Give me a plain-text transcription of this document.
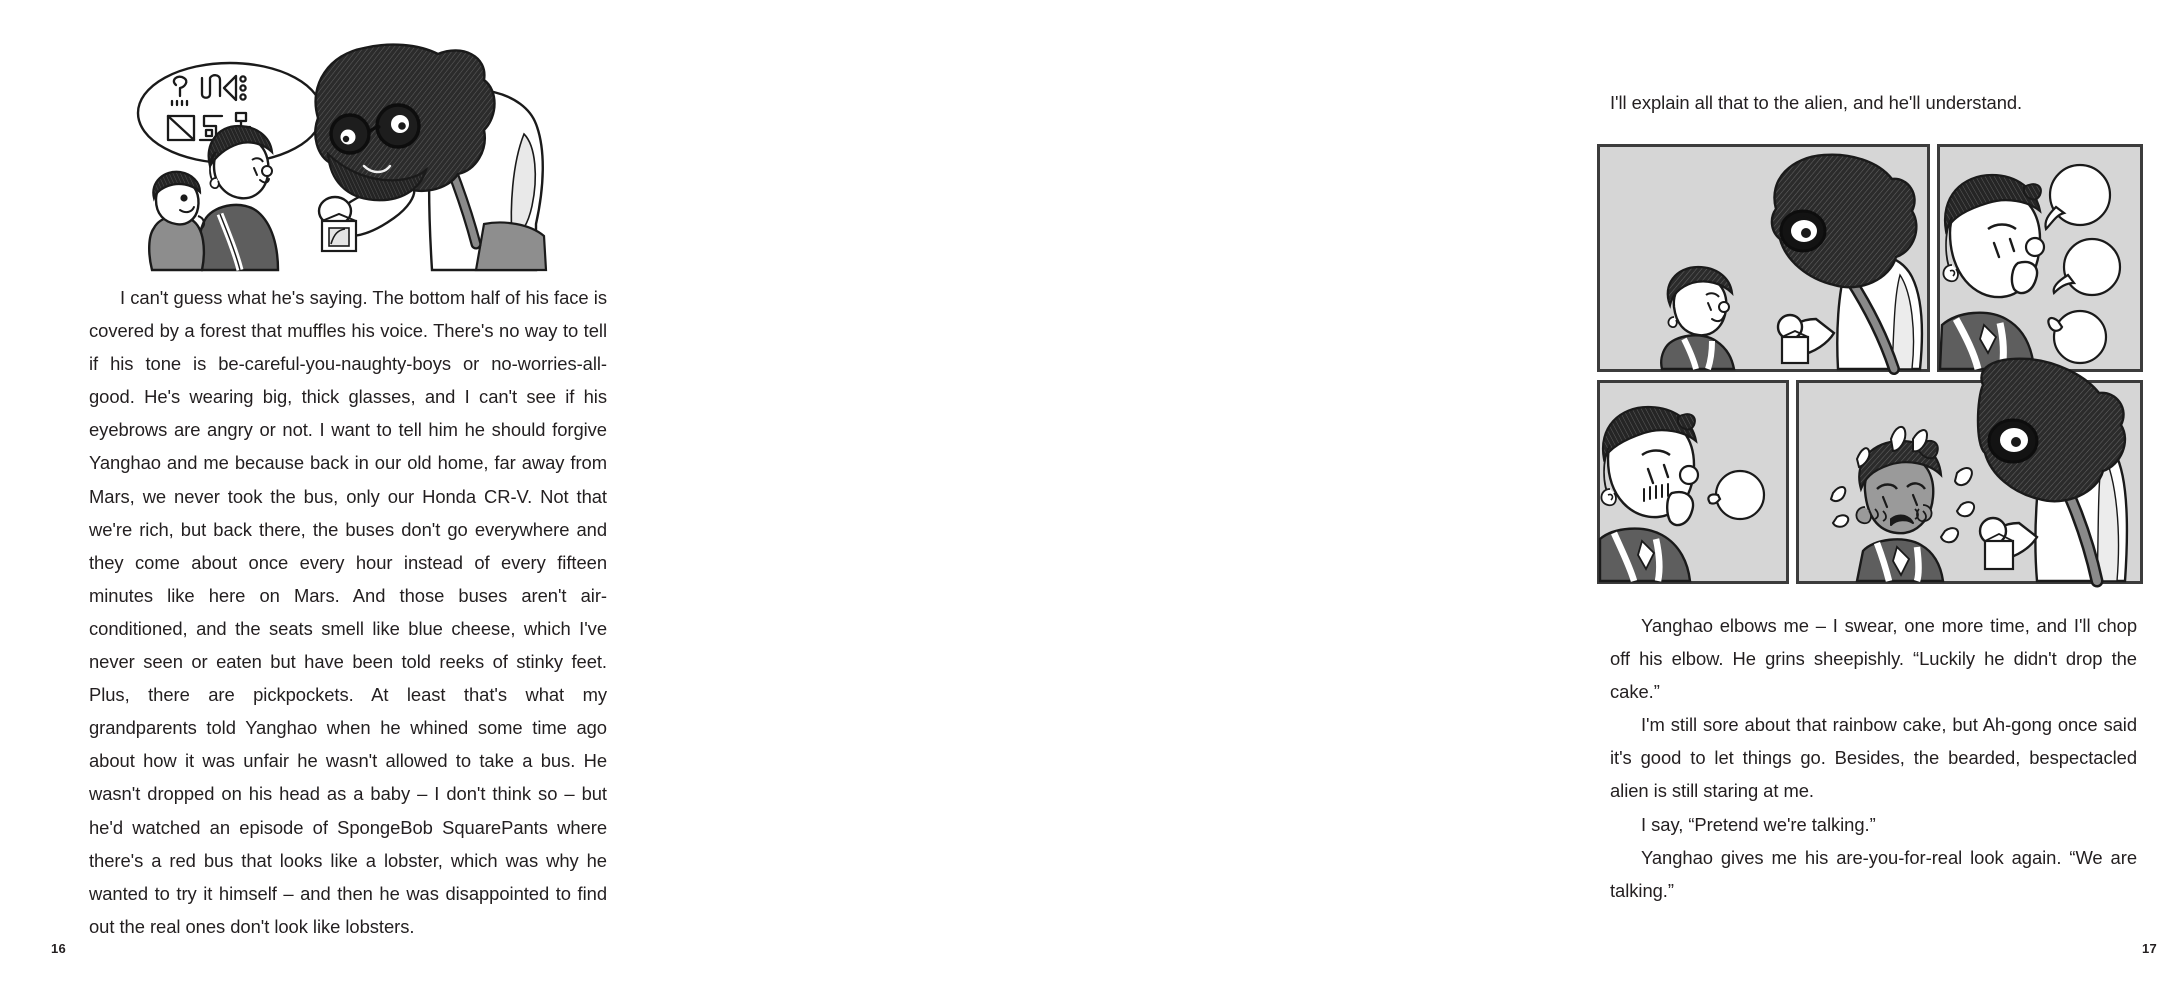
I can't guess what he's saying. The bottom half of his face is covered by a forest that muffles his voice. There's no way to tell if his tone is be-careful-you-naughty-boys or no-worries-all-good. He's wearing big, thick glasses, and I can't see if his eyebrows are angry or not. I want to tell him he should forgive Yanghao and me because back in our old home, far away from Mars, we never took the bus, only our Honda CR-V. Not that we're rich, but back there, the buses don't go everywhere and they come about once every hour instead of every fifteen minutes like here on Mars. And those buses aren't air-conditioned, and the seats smell like blue cheese, which I've never seen or eaten but have been told reeks of stinky feet. Plus, there are pickpockets. At least that's what my grandparents told Yanghao when he whined some time ago about how it was unfair he wasn't allowed to take a bus. He wasn't dropped on his head as a baby – I don't think so – but he'd watched an episode of SpongeBob SquarePants where there's a red bus that looks like a lobster, which was why he wanted to try it himself – and then he was disappointed to find out the real ones don't look like lobsters.

16

I'll explain all that to the alien, and he'll understand.

Yanghao elbows me – I swear, one more time, and I'll chop off his elbow. He grins sheepishly. “Luckily he didn't drop the cake.”

I'm still sore about that rainbow cake, but Ah-gong once said it's good to let things go. Besides, the bearded, bespectacled alien is still staring at me.

I say, “Pretend we're talking.”

Yanghao gives me his are-you-for-real look again. “We are talking.”

17
